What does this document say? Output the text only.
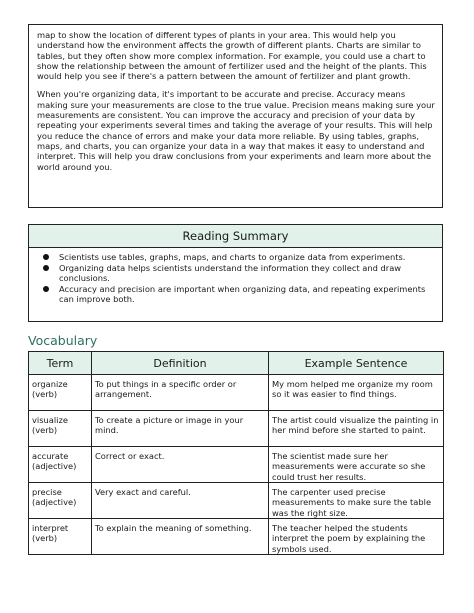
map to show the location of different types of plants in your area. This would help you understand how the environment affects the growth of different plants. Charts are similar to tables, but they often show more complex information. For example, you could use a chart to show the relationship between the amount of fertilizer used and the height of the plants. This would help you see if there's a pattern between the amount of fertilizer and plant growth.

When you're organizing data, it's important to be accurate and precise. Accuracy means making sure your measurements are close to the true value. Precision means making sure your measurements are consistent. You can improve the accuracy and precision of your data by repeating your experiments several times and taking the average of your results. This will help you reduce the chance of errors and make your data more reliable. By using tables, graphs, maps, and charts, you can organize your data in a way that makes it easy to understand and interpret. This will help you draw conclusions from your experiments and learn more about the world around you.

Reading Summary
Scientists use tables, graphs, maps, and charts to organize data from experiments.
Organizing data helps scientists understand the information they collect and draw conclusions.
Accuracy and precision are important when organizing data, and repeating experiments can improve both.
Vocabulary
Term	Definition	Example Sentence
organize (verb)	To put things in a specific order or arrangement.	My mom helped me organize my room so it was easier to find things.
visualize (verb)	To create a picture or image in your mind.	The artist could visualize the painting in her mind before she started to paint.
accurate (adjective)	Correct or exact.	The scientist made sure her measurements were accurate so she could trust her results.
precise (adjective)	Very exact and careful.	The carpenter used precise measurements to make sure the table was the right size.
interpret (verb)	To explain the meaning of something.	The teacher helped the students interpret the poem by explaining the symbols used.
